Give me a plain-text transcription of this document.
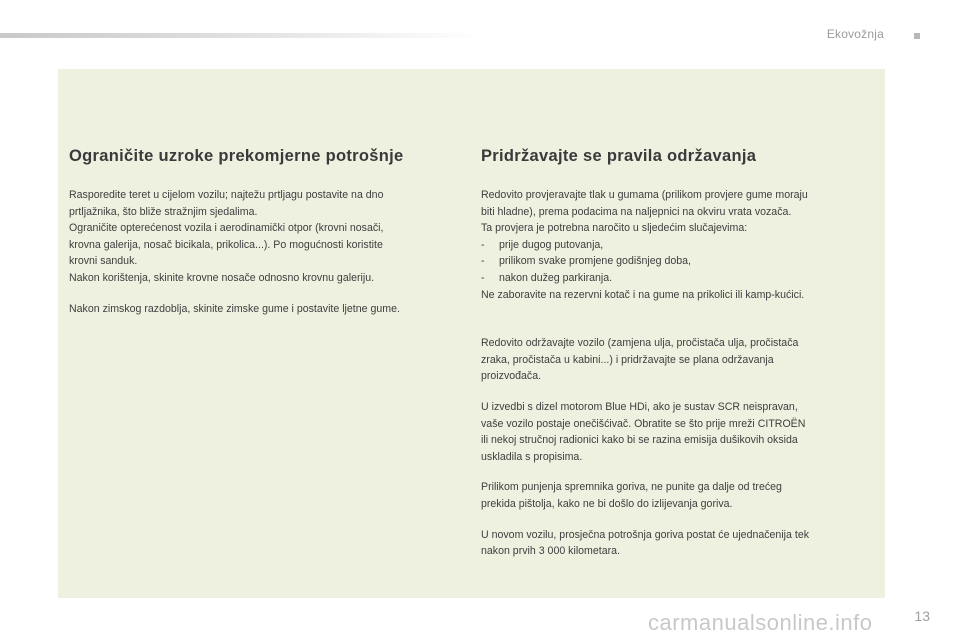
Ekovožnja
Ograničite uzroke prekomjerne potrošnje

Rasporedite teret u cijelom vozilu; najtežu prtljagu postavite na dno
prtljažnika, što bliže stražnjim sjedalima.
Ograničite opterećenost vozila i aerodinamički otpor (krovni nosači,
krovna galerija, nosač bicikala, prikolica...). Po mogućnosti koristite
krovni sanduk.
Nakon korištenja, skinite krovne nosače odnosno krovnu galeriju.

Nakon zimskog razdoblja, skinite zimske gume i postavite ljetne gume.

Pridržavajte se pravila održavanja

Redovito provjeravajte tlak u gumama (prilikom provjere gume moraju
biti hladne), prema podacima na naljepnici na okviru vrata vozača.
Ta provjera je potrebna naročito u sljedećim slučajevima:
- prije dugog putovanja,
- prilikom svake promjene godišnjeg doba,
- nakon dužeg parkiranja.
Ne zaboravite na rezervni kotač i na gume na prikolici ili kamp-kućici.

Redovito održavajte vozilo (zamjena ulja, pročistača ulja, pročistača
zraka, pročistača u kabini...) i pridržavajte se plana održavanja
proizvođača.

U izvedbi s dizel motorom Blue HDi, ako je sustav SCR neispravan,
vaše vozilo postaje onečišćivač. Obratite se što prije mreži CITROËN
ili nekoj stručnoj radionici kako bi se razina emisija dušikovih oksida
uskladila s propisima.

Prilikom punjenja spremnika goriva, ne punite ga dalje od trećeg
prekida pištolja, kako ne bi došlo do izlijevanja goriva.

U novom vozilu, prosječna potrošnja goriva postat će ujednačenija tek
nakon prvih 3 000 kilometara.

carmanualsonline.info	13
